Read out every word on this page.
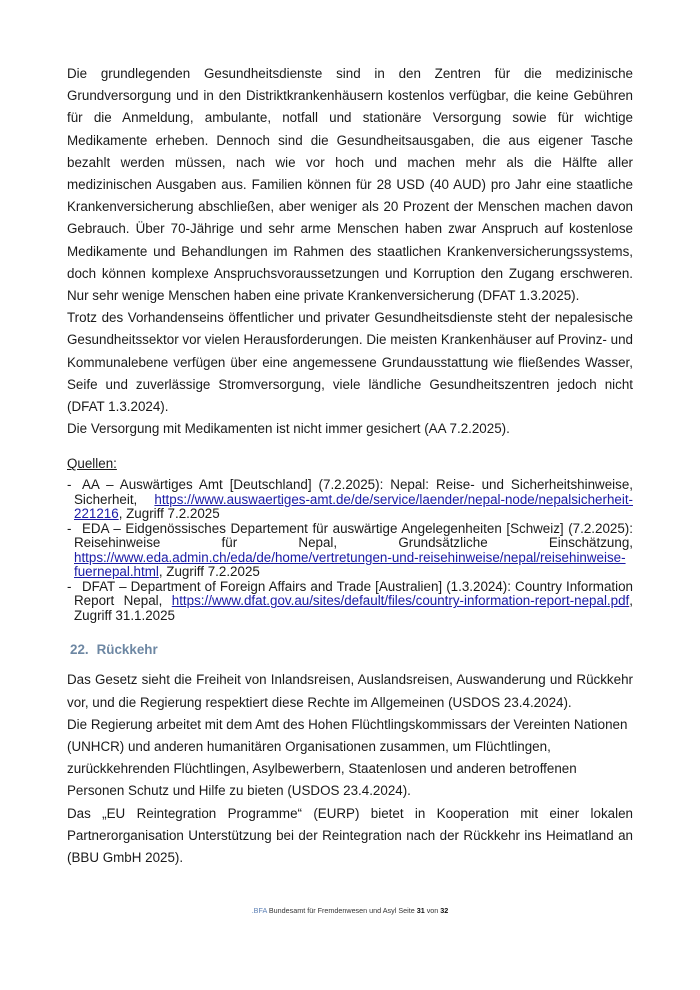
Die grundlegenden Gesundheitsdienste sind in den Zentren für die medizinische Grundversorgung und in den Distriktkrankenhäusern kostenlos verfügbar, die keine Gebühren für die Anmeldung, ambulante, notfall und stationäre Versorgung sowie für wichtige Medikamente erheben. Dennoch sind die Gesundheitsausgaben, die aus eigener Tasche bezahlt werden müssen, nach wie vor hoch und machen mehr als die Hälfte aller medizinischen Ausgaben aus. Familien können für 28 USD (40 AUD) pro Jahr eine staatliche Krankenversicherung abschließen, aber weniger als 20 Prozent der Menschen machen davon Gebrauch. Über 70-Jährige und sehr arme Menschen haben zwar Anspruch auf kostenlose Medikamente und Behandlungen im Rahmen des staatlichen Krankenversicherungssystems, doch können komplexe Anspruchsvoraussetzungen und Korruption den Zugang erschweren. Nur sehr wenige Menschen haben eine private Krankenversicherung (DFAT 1.3.2025).

Trotz des Vorhandenseins öffentlicher und privater Gesundheitsdienste steht der nepalesische Gesundheitssektor vor vielen Herausforderungen. Die meisten Krankenhäuser auf Provinz- und Kommunalebene verfügen über eine angemessene Grundausstattung wie fließendes Wasser, Seife und zuverlässige Stromversorgung, viele ländliche Gesundheitszentren jedoch nicht (DFAT 1.3.2024).

Die Versorgung mit Medikamenten ist nicht immer gesichert (AA 7.2.2025).

Quellen:
- AA – Auswärtiges Amt [Deutschland] (7.2.2025): Nepal: Reise- und Sicherheitshinweise, Sicherheit, https://www.auswaertiges-amt.de/de/service/laender/nepal-node/nepalsicherheit-221216, Zugriff 7.2.2025
- EDA – Eidgenössisches Departement für auswärtige Angelegenheiten [Schweiz] (7.2.2025): Reisehinweise für Nepal, Grundsätzliche Einschätzung, https://www.eda.admin.ch/eda/de/home/vertretungen-und-reisehinweise/nepal/reisehinweise-fuernepal.html, Zugriff 7.2.2025
- DFAT – Department of Foreign Affairs and Trade [Australien] (1.3.2024): Country Information Report Nepal, https://www.dfat.gov.au/sites/default/files/country-information-report-nepal.pdf, Zugriff 31.1.2025
22. Rückkehr

Das Gesetz sieht die Freiheit von Inlandsreisen, Auslandsreisen, Auswanderung und Rückkehr vor, und die Regierung respektiert diese Rechte im Allgemeinen (USDOS 23.4.2024).

Die Regierung arbeitet mit dem Amt des Hohen Flüchtlingskommissars der Vereinten Nationen (UNHCR) und anderen humanitären Organisationen zusammen, um Flüchtlingen, zurückkehrenden Flüchtlingen, Asylbewerbern, Staatenlosen und anderen betroffenen Personen Schutz und Hilfe zu bieten (USDOS 23.4.2024).

Das „EU Reintegration Programme“ (EURP) bietet in Kooperation mit einer lokalen Partnerorganisation Unterstützung bei der Reintegration nach der Rückkehr ins Heimatland an (BBU GmbH 2025).

.BFA Bundesamt für Fremdenwesen und Asyl Seite 31 von 32
